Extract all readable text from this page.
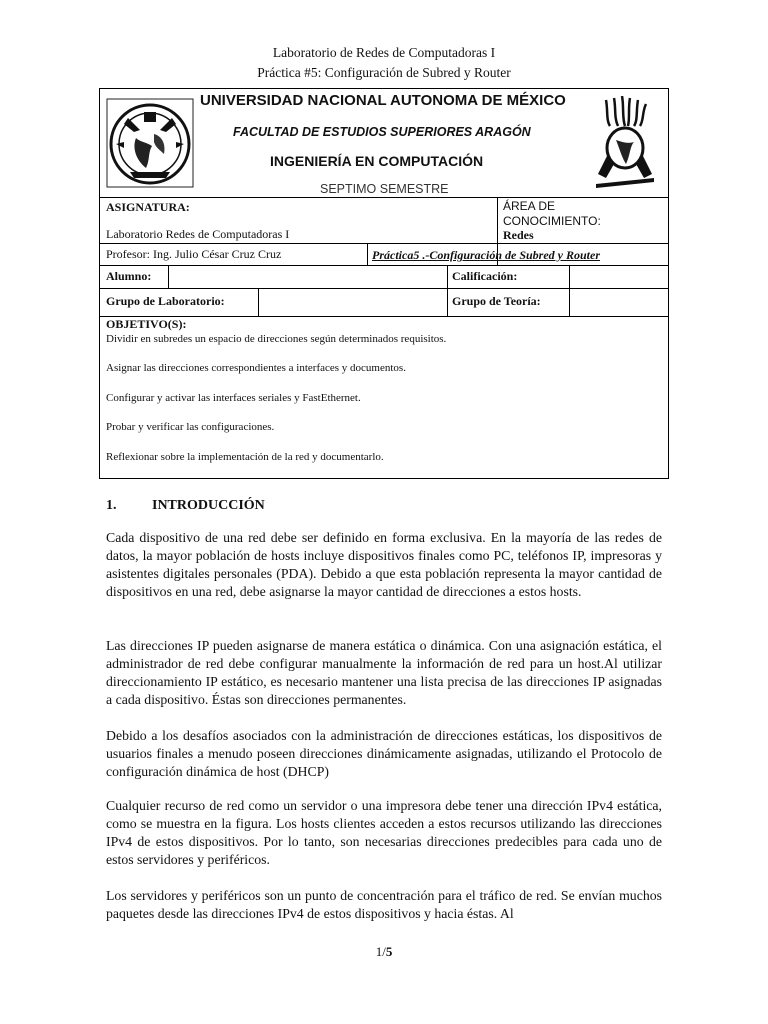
Laboratorio de Redes de Computadoras I
Práctica #5: Configuración de Subred y Router
UNIVERSIDAD NACIONAL AUTONOMA DE MÉXICO
FACULTAD DE ESTUDIOS SUPERIORES ARAGÓN
INGENIERÍA EN COMPUTACIÓN
SEPTIMO SEMESTRE
ASIGNATURA:
Laboratorio Redes de Computadoras I
ÁREA DE
CONOCIMIENTO:
Redes
Profesor: Ing. Julio César Cruz Cruz	Práctica5 .-Configuración de Subred y Router
Alumno:	Calificación:
Grupo de Laboratorio:	Grupo de Teoría:
OBJETIVO(S):
Dividir en subredes un espacio de direcciones según determinados requisitos.
Asignar las direcciones correspondientes a interfaces y documentos.
Configurar y activar las interfaces seriales y FastEthernet.
Probar y verificar las configuraciones.
Reflexionar sobre la implementación de la red y documentarlo.
1.	INTRODUCCIÓN
Cada dispositivo de una red debe ser definido en forma exclusiva. En la mayoría de las redes de datos, la mayor población de hosts incluye dispositivos finales como PC, teléfonos IP, impresoras y asistentes digitales personales (PDA). Debido a que esta población representa la mayor cantidad de dispositivos en una red, debe asignarse la mayor cantidad de direcciones a estos hosts.
Las direcciones IP pueden asignarse de manera estática o dinámica. Con una asignación estática, el administrador de red debe configurar manualmente la información de red para un host.Al utilizar direccionamiento IP estático, es necesario mantener una lista precisa de las direcciones IP asignadas a cada dispositivo. Éstas son direcciones permanentes.
Debido a los desafíos asociados con la administración de direcciones estáticas, los dispositivos de usuarios finales a menudo poseen direcciones dinámicamente asignadas, utilizando el Protocolo de configuración dinámica de host (DHCP)
Cualquier recurso de red como un servidor o una impresora debe tener una dirección IPv4 estática, como se muestra en la figura. Los hosts clientes acceden a estos recursos utilizando las direcciones IPv4 de estos dispositivos. Por lo tanto, son necesarias direcciones predecibles para cada uno de estos servidores y periféricos.
Los servidores y periféricos son un punto de concentración para el tráfico de red. Se envían muchos paquetes desde las direcciones IPv4 de estos dispositivos y hacia éstas. Al
1/5
